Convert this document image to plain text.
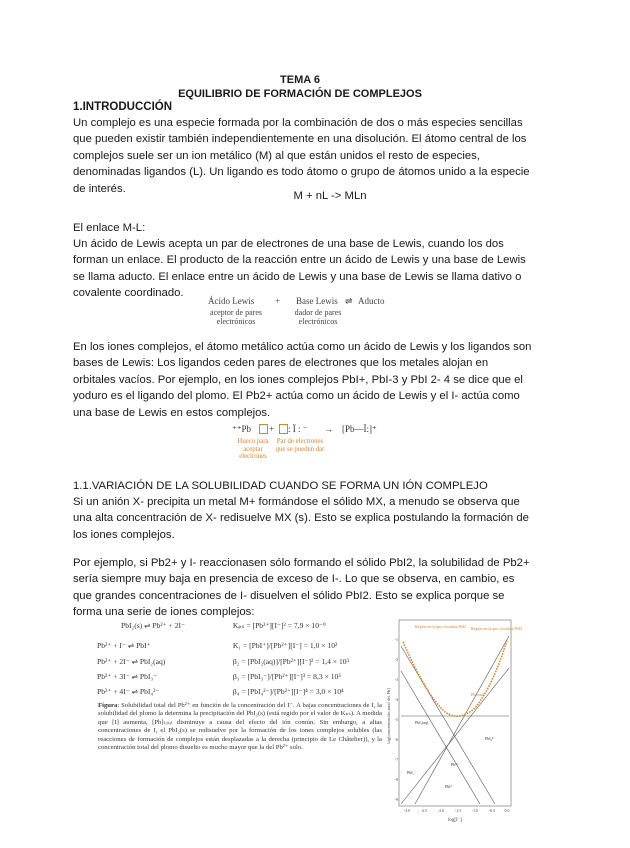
TEMA 6
EQUILIBRIO DE FORMACIÓN DE COMPLEJOS
1.INTRODUCCIÓN
Un complejo es una especie formada por la combinación de dos o más especies sencillas que pueden existir también independientemente en una disolución. El átomo central de los complejos suele ser un ion metálico (M) al que están unidos el resto de especies, denominadas ligandos (L). Un ligando es todo átomo o grupo de átomos unido a la especie de interés.
M + nL -> MLn
El enlace M-L:
Un ácido de Lewis acepta un par de electrones de una base de Lewis, cuando los dos forman un enlace. El producto de la reacción entre un ácido de Lewis y una base de Lewis se llama aducto. El enlace entre un ácido de Lewis y una base de Lewis se llama dativo o covalente coordinado.
Ácido Lewis + Base Lewis ⇌ Aducto
aceptor de pares electrónicos
dador de pares electrónicos
En los iones complejos, el átomo metálico actúa como un ácido de Lewis y los ligandos son bases de Lewis: Los ligandos ceden pares de electrones que los metales alojan en orbitales vacíos. Por ejemplo, en los iones complejos PbI+, PbI-3 y PbI 2- 4 se dice que el yoduro es el ligando del plomo. El Pb2+ actúa como un ácido de Lewis y el I- actúa como una base de Lewis en estos complejos.
⁺⁺Pb + : Ï : ⁻ → [Pb—Ï:]⁺
Hueco para aceptar electrones
Par de electrones que se pueden dar
1.1.VARIACIÓN DE LA SOLUBILIDAD CUANDO SE FORMA UN IÓN COMPLEJO
Si un anión X- precipita un metal M+ formándose el sólido MX, a menudo se observa que una alta concentración de X- redisuelve MX (s). Esto se explica postulando la formación de los iones complejos.
Por ejemplo, si Pb2+ y I- reaccionasen sólo formando el sólido PbI2, la solubilidad de Pb2+ sería siempre muy baja en presencia de exceso de I-. Lo que se observa, en cambio, es que grandes concentraciones de I- disuelven el sólido PbI2. Esto se explica porque se forma una serie de iones complejos:
PbI₂(s) ⇌ Pb²⁺ + 2I⁻	Kₚₛ = [Pb²⁺][I⁻]² = 7,9 × 10⁻⁹
Pb²⁺ + I⁻ ⇌ PbI⁺	K₁ = [PbI⁺]/[Pb²⁺][I⁻] = 1,0 × 10²
Pb²⁺ + 2I⁻ ⇌ PbI₂(aq)	β₂ = [PbI₂(aq)]/[Pb²⁺][I⁻]² = 1,4 × 10³
Pb²⁺ + 3I⁻ ⇌ PbI₃⁻	β₃ = [PbI₃⁻]/[Pb²⁺][I⁻]³ = 8,3 × 10³
Pb²⁺ + 4I⁻ ⇌ PbI₄²⁻	β₄ = [PbI₄²⁻]/[Pb²⁺][I⁻]⁴ = 3,0 × 10⁴
Figura: Solubilidad total del Pb²⁺ en función de la concentración del I⁻. A bajas concentraciones de I, la solubilidad del plomo la determina la precipitación del PbI₂(s) (está regido por el valor de Kₚₛ). A medida que [I] aumenta, [Pb]ₜₒₜₐₗ disminuye a causa del efecto del ión común. Sin embargo, a altas concentraciones de I, el PbI₂(s) se redisuelve por la formación de los iones complejos solubles (las reacciones de formación de complejos están desplazadas a la derecha (principio de Le Châtelier)), y la concentración total del plomo disuelto es mucho mayor que la del Pb²⁺ solo.
log[concentración total del Pb]
log[I⁻]
-3.0	-2.5	-2.0	-1.5	-1.0	-0.5 0.0
-1
-2
-3
-4
-5
-6
-7
-8
-9
Región en la que cristaliza PbI2 Región en la que cristaliza PbI2
Pb total
Pb²⁺
PbI⁺
PbI₂(aq)
PbI₃⁻
PbI₄²⁻
